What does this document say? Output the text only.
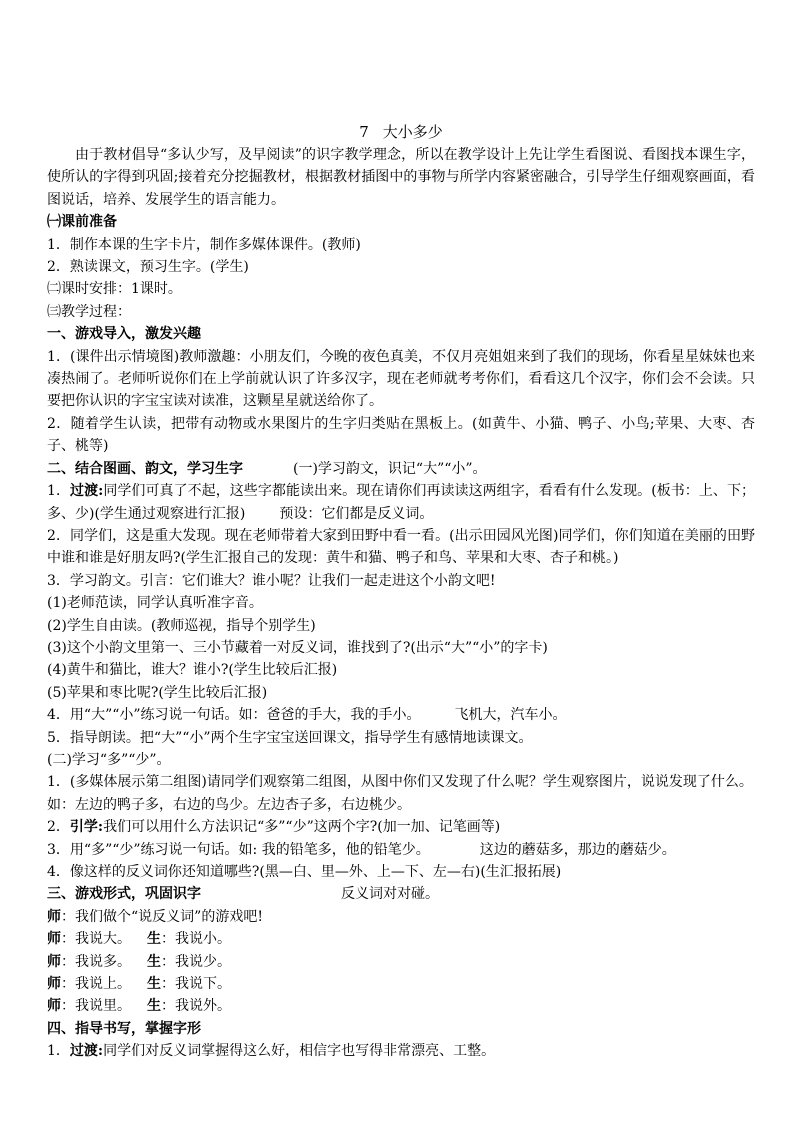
7 大小多少

由于教材倡导“多认少写，及早阅读”的识字教学理念，所以在教学设计上先让学生看图说、看图找本课生字，使所认的字得到巩固;接着充分挖掘教材，根据教材插图中的事物与所学内容紧密融合，引导学生仔细观察画面，看图说话，培养、发展学生的语言能力。

㈠课前准备

1．制作本课的生字卡片，制作多媒体课件。(教师)

2．熟读课文，预习生字。(学生)

㈡课时安排：1课时。

㈢教学过程：

一、游戏导入，激发兴趣

1．(课件出示情境图)教师激趣：小朋友们，今晚的夜色真美，不仅月亮姐姐来到了我们的现场，你看星星妹妹也来凑热闹了。老师听说你们在上学前就认识了许多汉字，现在老师就考考你们，看看这几个汉字，你们会不会读。只要把你认识的字宝宝读对读准，这颗星星就送给你了。

2．随着学生认读，把带有动物或水果图片的生字归类贴在黑板上。(如黄牛、小猫、鸭子、小鸟;苹果、大枣、杏子、桃等)

二、结合图画、韵文，学习生字	(一)学习韵文，识记“大”“小”。

1．过渡:同学们可真了不起，这些字都能读出来。现在请你们再读读这两组字，看看有什么发现。(板书：上、下；多、少)(学生通过观察进行汇报) 预设：它们都是反义词。

2．同学们，这是重大发现。现在老师带着大家到田野中看一看。(出示田园风光图)同学们，你们知道在美丽的田野中谁和谁是好朋友吗?(学生汇报自己的发现：黄牛和猫、鸭子和鸟、苹果和大枣、杏子和桃。)

3．学习韵文。引言：它们谁大？谁小呢？让我们一起走进这个小韵文吧!

(1)老师范读，同学认真听准字音。

(2)学生自由读。(教师巡视，指导个别学生)

(3)这个小韵文里第一、三小节藏着一对反义词，谁找到了?(出示“大”“小”的字卡)

(4)黄牛和猫比，谁大？谁小?(学生比较后汇报)

(5)苹果和枣比呢?(学生比较后汇报)

4．用“大”“小”练习说一句话。如：爸爸的手大，我的手小。 飞机大，汽车小。

5．指导朗读。把“大”“小”两个生字宝宝送回课文，指导学生有感情地读课文。

(二)学习“多”“少”。

1．(多媒体展示第二组图)请同学们观察第二组图，从图中你们又发现了什么呢？学生观察图片，说说发现了什么。

如：左边的鸭子多，右边的鸟少。左边杏子多，右边桃少。

2．引学:我们可以用什么方法识记“多”“少”这两个字?(加一加、记笔画等)

3．用“多”“少”练习说一句话。如: 我的铅笔多，他的铅笔少。	这边的蘑菇多，那边的蘑菇少。

4．像这样的反义词你还知道哪些?(黑—白、里—外、上—下、左—右)(生汇报拓展)

三、游戏形式，巩固识字	反义词对对碰。

师：我们做个“说反义词”的游戏吧!

师：我说大。 生：我说小。

师：我说多。 生：我说少。

师：我说上。 生：我说下。

师：我说里。 生：我说外。

四、指导书写，掌握字形

1．过渡:同学们对反义词掌握得这么好，相信字也写得非常漂亮、工整。
